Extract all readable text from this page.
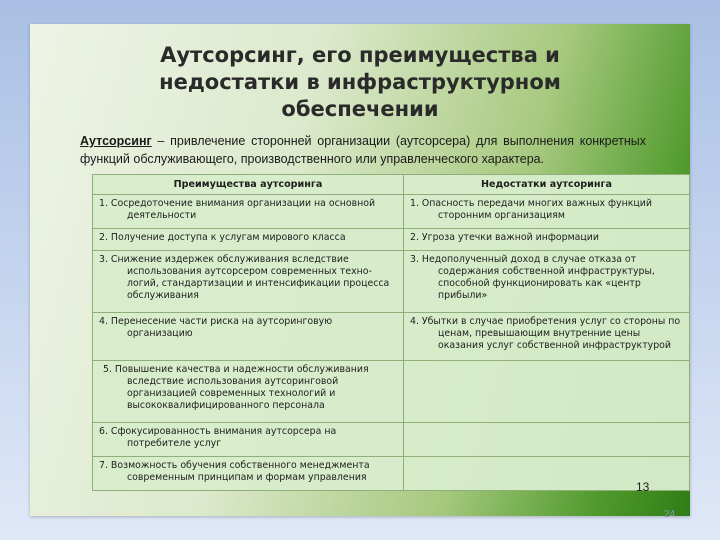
Аутсорсинг, его преимущества и
недостатки в инфраструктурном
обеспечении

Аутсорсинг – привлечение сторонней организации (аутсорсера) для выполнения конкретных функций обслуживающего, производственного или управленческого характера.

Преимущества аутсоринга	Недостатки аутсоринга

1. Сосредоточение внимания организации на основной деятельности	1. Опасность передачи многих важных функций сторонним организациям

2. Получение доступа к услугам мирового класса	2. Угроза утечки важной информации

3. Снижение издержек обслуживания вследствие использования аутсорсером современных техно-логий, стандартизации и интенсификации процесса обслуживания	3. Недополученный доход в случае отказа от содержания собственной инфраструктуры, способной функционировать как «центр прибыли»

4. Перенесение части риска на аутсоринговую организацию	4. Убытки в случае приобретения услуг со стороны по ценам, превышающим внутренние цены оказания услуг собственной инфраструктурой

5. Повышение качества и надежности обслуживания вследствие использования аутсоринговой организацией современных технологий и высококвалифицированного персонала	

6. Сфокусированность внимания аутсорсера на потребителе услуг	

7. Возможность обучения собственного менеджмента современным принципам и формам управления	

13
24
